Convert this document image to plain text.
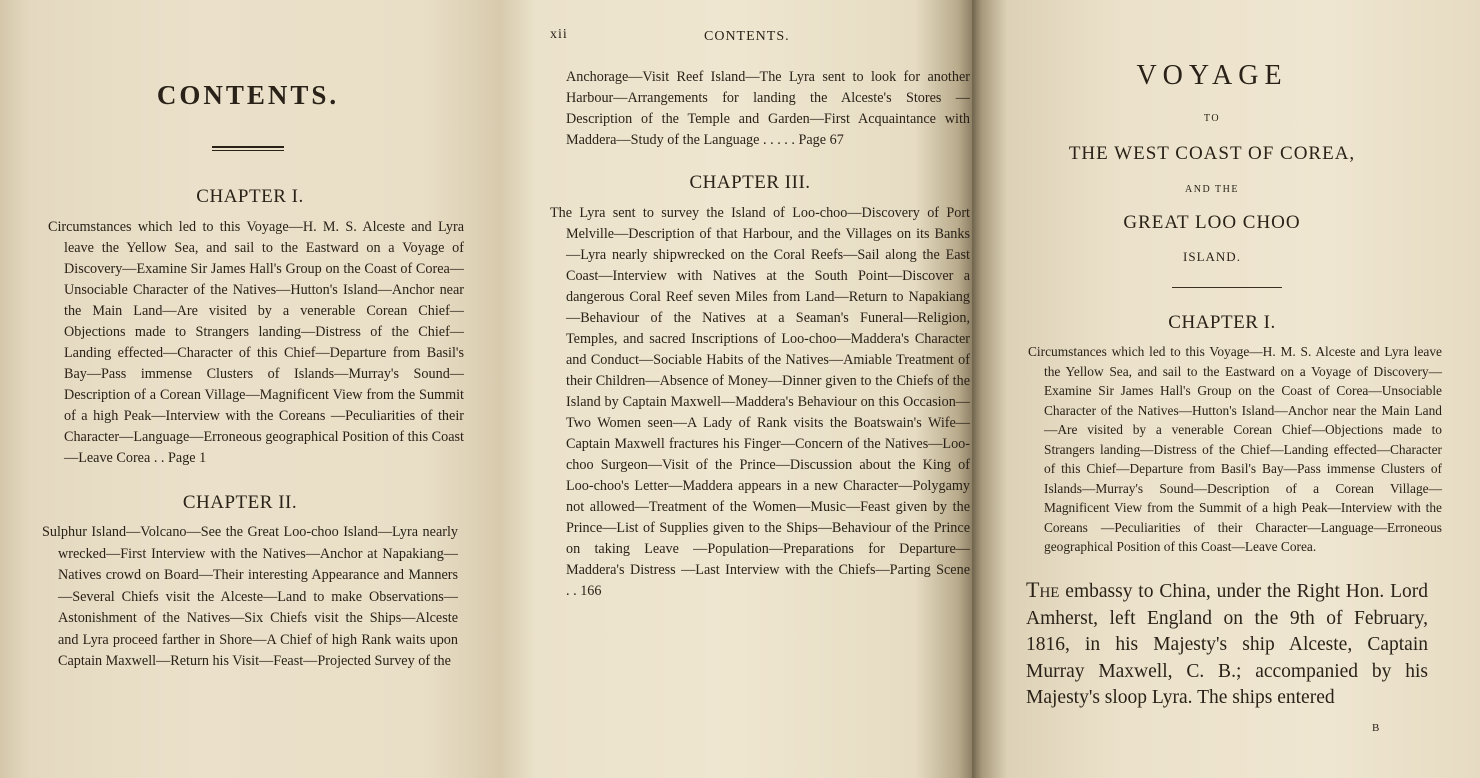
CONTENTS.
CHAPTER I.

Circumstances which led to this Voyage—H. M. S. Alceste and Lyra leave the Yellow Sea, and sail to the Eastward on a Voyage of Discovery—Examine Sir James Hall's Group on the Coast of Corea—Unsociable Character of the Natives—Hutton's Island—Anchor near the Main Land—Are visited by a venerable Corean Chief—Objections made to Strangers landing—Distress of the Chief—Landing effected—Character of this Chief—Departure from Basil's Bay—Pass immense Clusters of Islands—Murray's Sound—Description of a Corean Village—Magnificent View from the Summit of a high Peak—Interview with the Coreans —Peculiarities of their Character—Language—Erroneous geographical Position of this Coast—Leave Corea . . Page 1

CHAPTER II.

Sulphur Island—Volcano—See the Great Loo-choo Island—Lyra nearly wrecked—First Interview with the Natives—Anchor at Napakiang—Natives crowd on Board—Their interesting Appearance and Manners—Several Chiefs visit the Alceste—Land to make Observations—Astonishment of the Natives—Six Chiefs visit the Ships—Alceste and Lyra proceed farther in Shore—A Chief of high Rank waits upon Captain Maxwell—Return his Visit—Feast—Projected Survey of the

xii	CONTENTS.

Anchorage—Visit Reef Island—The Lyra sent to look for another Harbour—Arrangements for landing the Alceste's Stores —Description of the Temple and Garden—First Acquaintance with Maddera—Study of the Language . . . . . Page 67

CHAPTER III.

The Lyra sent to survey the Island of Loo-choo—Discovery of Port Melville—Description of that Harbour, and the Villages on its Banks—Lyra nearly shipwrecked on the Coral Reefs—Sail along the East Coast—Interview with Natives at the South Point—Discover a dangerous Coral Reef seven Miles from Land—Return to Napakiang—Behaviour of the Natives at a Seaman's Funeral—Religion, Temples, and sacred Inscriptions of Loo-choo—Maddera's Character and Conduct—Sociable Habits of the Natives—Amiable Treatment of their Children—Absence of Money—Dinner given to the Chiefs of the Island by Captain Maxwell—Maddera's Behaviour on this Occasion—Two Women seen—A Lady of Rank visits the Boatswain's Wife—Captain Maxwell fractures his Finger—Concern of the Natives—Loo-choo Surgeon—Visit of the Prince—Discussion about the King of Loo-choo's Letter—Maddera appears in a new Character—Polygamy not allowed—Treatment of the Women—Music—Feast given by the Prince—List of Supplies given to the Ships—Behaviour of the Prince on taking Leave —Population—Preparations for Departure—Maddera's Distress —Last Interview with the Chiefs—Parting Scene . . 166

VOYAGE
TO
THE WEST COAST OF COREA,
AND THE
GREAT LOO CHOO
ISLAND.
CHAPTER I.

Circumstances which led to this Voyage—H. M. S. Alceste and Lyra leave the Yellow Sea, and sail to the Eastward on a Voyage of Discovery—Examine Sir James Hall's Group on the Coast of Corea—Unsociable Character of the Natives—Hutton's Island—Anchor near the Main Land—Are visited by a venerable Corean Chief—Objections made to Strangers landing—Distress of the Chief—Landing effected—Character of this Chief—Departure from Basil's Bay—Pass immense Clusters of Islands—Murray's Sound—Description of a Corean Village—Magnificent View from the Summit of a high Peak—Interview with the Coreans —Peculiarities of their Character—Language—Erroneous geographical Position of this Coast—Leave Corea.

The embassy to China, under the Right Hon. Lord Amherst, left England on the 9th of February, 1816, in his Majesty's ship Alceste, Captain Murray Maxwell, C. B.; accompanied by his Majesty's sloop Lyra. The ships entered

B
